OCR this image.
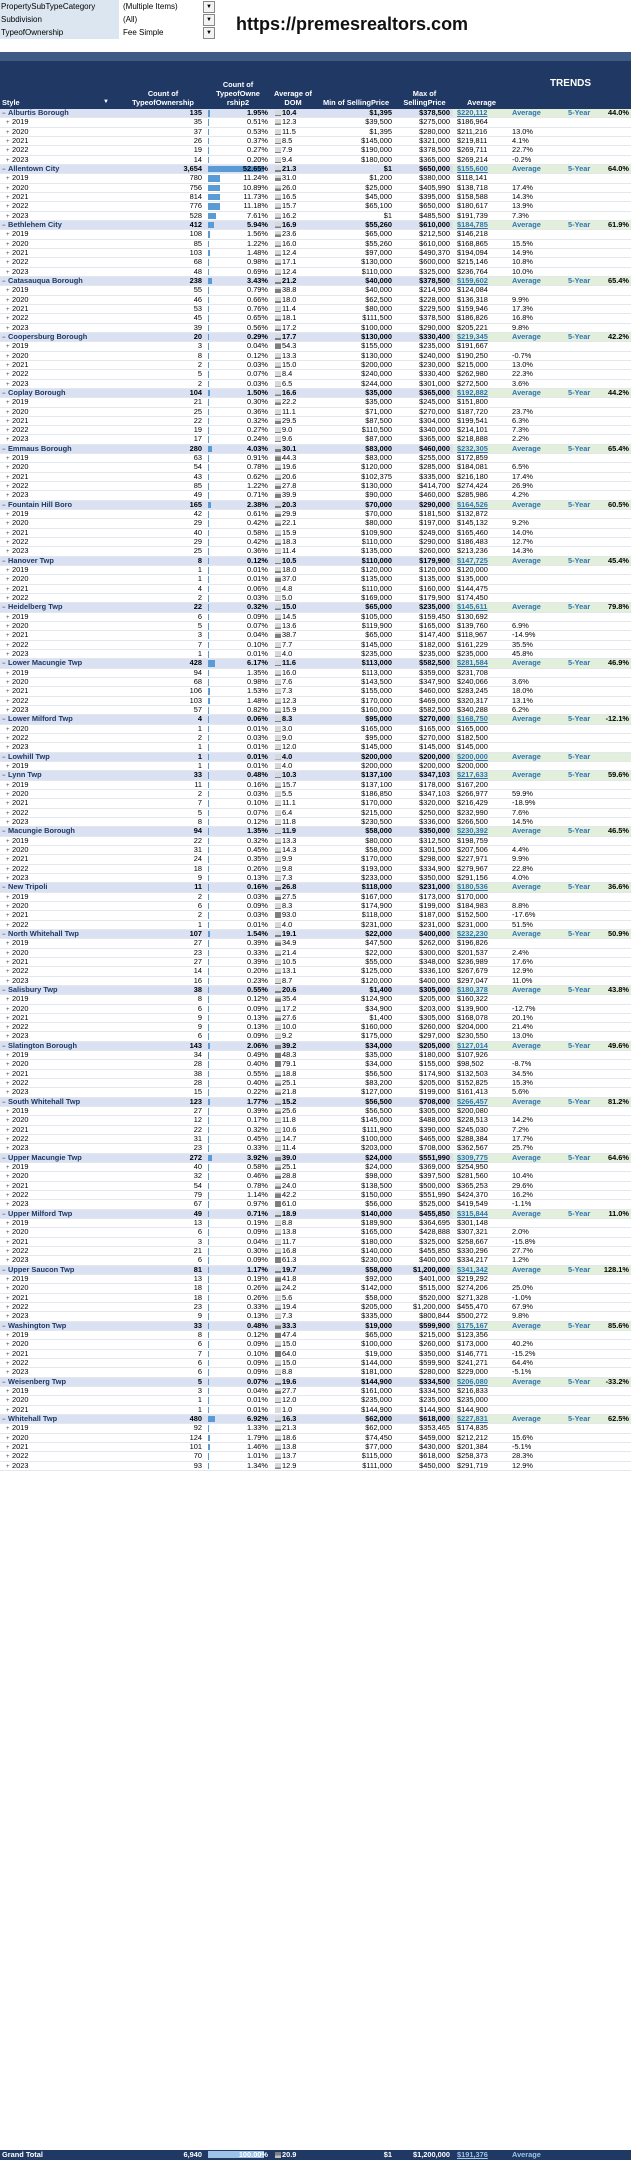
PropertySubTypeCategory	(Multiple Items)	▼
Subdivision	(All)	▼
TypeofOwnership	Fee Simple	▼ https://premesrealtors.com
Style	▼
Count of TypeofOwnership
Count of TypeofOwne rship2
Average of DOM	Min of SellingPrice
Max of SellingPrice	Average
TRENDS
− Alburtis Borough	135	1.95%	10.4	$1,395	$378,500 $220,112	Average	5-Year 44.0%
+ 2019	35	0.51%	12.3	$39,500	$275,000 $186,964
+ 2020	37	0.53%	11.5	$1,395	$280,000 $211,216	13.0%
+ 2021	26	0.37%	8.5	$145,000	$321,000 $219,811	4.1%
+ 2022	19	0.27%	7.9	$190,000	$378,500 $269,711	22.7%
+ 2023	14	0.20%	9.4	$180,000	$365,000 $269,214	-0.2%
− Allentown City	3,654	52.65%	21.3	$1	$650,000 $155,600	Average	5-Year 64.0%
+ 2019	780	11.24%	31.0	$1,200	$380,000 $118,141
+ 2020	756	10.89%	26.0	$25,000	$405,990 $138,718	17.4%
+ 2021	814	11.73%	16.5	$45,000	$395,000 $158,588	14.3%
+ 2022	776	11.18%	15.7	$65,100	$650,000 $180,617	13.9%
+ 2023	528	7.61%	16.2	$1	$485,500 $191,739	7.3%
− Bethlehem City	412	5.94%	16.9	$55,260	$610,000 $184,785	Average	5-Year 61.9%
+ 2019	108	1.56%	23.6	$65,000	$212,500 $146,218
+ 2020	85	1.22%	16.0	$55,260	$610,000 $168,865	15.5%
+ 2021	103	1.48%	12.4	$97,000	$490,370 $194,094	14.9%
+ 2022	68	0.98%	17.1	$130,000	$600,000 $215,146	10.8%
+ 2023	48	0.69%	12.4	$110,000	$325,000 $236,764	10.0%
− Catasauqua Borough	238	3.43%	21.2	$40,000	$378,500 $159,602	Average	5-Year 65.4%
+ 2019	55	0.79%	38.8	$40,000	$214,900 $124,084
+ 2020	46	0.66%	18.0	$62,500	$228,000 $136,318	9.9%
+ 2021	53	0.76%	11.4	$80,000	$229,500 $159,946	17.3%
+ 2022	45	0.65%	18.1	$111,500	$378,500 $186,826	16.8%
+ 2023	39	0.56%	17.2	$100,000	$290,000 $205,221	9.8%
− Coopersburg Borough	20	0.29%	17.7	$130,000	$330,400 $219,345	Average	5-Year 42.2%
+ 2019	3	0.04%	54.3	$155,000	$235,000 $191,667
+ 2020	8	0.12%	13.3	$130,000	$240,000 $190,250	-0.7%
+ 2021	2	0.03%	15.0	$200,000	$230,000 $215,000	13.0%
+ 2022	5	0.07%	8.4	$240,000	$330,400 $262,980	22.3%
+ 2023	2	0.03%	6.5	$244,000	$301,000 $272,500	3.6%
− Coplay Borough	104	1.50%	16.6	$35,000	$365,000 $192,882	Average	5-Year 44.2%
+ 2019	21	0.30%	22.2	$35,000	$245,000 $151,800
+ 2020	25	0.36%	11.1	$71,000	$270,000 $187,720	23.7%
+ 2021	22	0.32%	29.5	$87,500	$304,000 $199,541	6.3%
+ 2022	19	0.27%	9.0	$110,500	$340,000 $214,101	7.3%
+ 2023	17	0.24%	9.6	$87,000	$365,000 $218,888	2.2%
− Emmaus Borough	280	4.03%	30.1	$83,000	$460,000 $232,305	Average	5-Year 65.4%
+ 2019	63	0.91%	44.3	$83,000	$255,000 $172,859
+ 2020	54	0.78%	19.6	$120,000	$285,000 $184,081	6.5%
+ 2021	43	0.62%	20.6	$102,375	$335,000 $216,180	17.4%
+ 2022	85	1.22%	27.8	$130,000	$414,700 $274,424	26.9%
+ 2023	49	0.71%	39.9	$90,000	$460,000 $285,986	4.2%
− Fountain Hill Boro	165	2.38%	20.3	$70,000	$290,000 $164,526	Average	5-Year 60.5%
+ 2019	42	0.61%	29.9	$70,000	$181,500 $132,872
+ 2020	29	0.42%	22.1	$80,000	$197,000 $145,132	9.2%
+ 2021	40	0.58%	15.9	$109,900	$249,000 $165,460	14.0%
+ 2022	29	0.42%	18.3	$110,000	$290,000 $186,483	12.7%
+ 2023	25	0.36%	11.4	$135,000	$260,000 $213,236	14.3%
− Hanover Twp	8	0.12%	10.5	$110,000	$179,900 $147,725	Average	5-Year 45.4%
+ 2019	1	0.01%	18.0	$120,000	$120,000 $120,000
+ 2020	1	0.01%	37.0	$135,000	$135,000 $135,000
+ 2021	4	0.06%	4.8	$110,000	$160,000 $144,475
+ 2022	2	0.03%	5.0	$169,000	$179,900 $174,450
− Heidelberg Twp	22	0.32%	15.0	$65,000	$235,000 $145,611	Average	5-Year 79.8%
+ 2019	6	0.09%	14.5	$105,000	$159,450 $130,692
+ 2020	5	0.07%	13.6	$119,900	$165,000 $139,760	6.9%
+ 2021	3	0.04%	38.7	$65,000	$147,400 $118,967	-14.9%
+ 2022	7	0.10%	7.7	$145,000	$182,000 $161,229	35.5%
+ 2023	1	0.01%	4.0	$235,000	$235,000 $235,000	45.8%
− Lower Macungie Twp	428	6.17%	11.6	$113,000	$582,500 $281,584	Average	5-Year 46.9%
+ 2019	94	1.35%	16.0	$113,000	$359,000 $231,708
+ 2020	68	0.98%	7.6	$143,500	$347,900 $240,066	3.6%
+ 2021	106	1.53%	7.3	$155,000	$460,000 $283,245	18.0%
+ 2022	103	1.48%	12.3	$170,000	$469,000 $320,317	13.1%
+ 2023	57	0.82%	15.9	$160,000	$582,500 $340,288	6.2%
− Lower Milford Twp	4	0.06%	8.3	$95,000	$270,000 $168,750	Average	5-Year -12.1%
+ 2020	1	0.01%	3.0	$165,000	$165,000 $165,000
+ 2022	2	0.03%	9.0	$95,000	$270,000 $182,500
+ 2023	1	0.01%	12.0	$145,000	$145,000 $145,000
− Lowhill Twp	1	0.01%	4.0	$200,000	$200,000 $200,000	Average	5-Year
+ 2019	1	0.01%	4.0	$200,000	$200,000 $200,000
− Lynn Twp	33	0.48%	10.3	$137,100	$347,103 $217,633	Average	5-Year 59.6%
+ 2019	11	0.16%	15.7	$137,100	$178,000 $167,200
+ 2020	2	0.03%	5.5	$186,850	$347,103 $266,977	59.9%
+ 2021	7	0.10%	11.1	$170,000	$320,000 $216,429	-18.9%
+ 2022	5	0.07%	6.4	$215,000	$250,000 $232,990	7.6%
+ 2023	8	0.12%	11.8	$230,500	$336,000 $266,500	14.5%
− Macungie Borough	94	1.35%	11.9	$58,000	$350,000 $230,392	Average	5-Year 46.5%
+ 2019	22	0.32%	13.3	$80,000	$312,500 $198,759
+ 2020	31	0.45%	14.3	$58,000	$301,500 $207,506	4.4%
+ 2021	24	0.35%	9.9	$170,000	$298,000 $227,971	9.9%
+ 2022	18	0.26%	9.8	$193,000	$334,900 $279,967	22.8%
+ 2023	9	0.13%	7.3	$233,000	$350,000 $291,156	4.0%
− New Tripoli	11	0.16%	26.8	$118,000	$231,000 $180,536	Average	5-Year 36.6%
+ 2019	2	0.03%	27.5	$167,000	$173,000 $170,000
+ 2020	6	0.09%	8.3	$174,900	$199,000 $184,983	8.8%
+ 2021	2	0.03%	93.0	$118,000	$187,000 $152,500	-17.6%
+ 2022	1	0.01%	4.0	$231,000	$231,000 $231,000	51.5%
− North Whitehall Twp	107	1.54%	19.1	$22,000	$400,000 $232,230	Average	5-Year 50.9%
+ 2019	27	0.39%	34.9	$47,500	$262,000 $196,826
+ 2020	23	0.33%	21.4	$22,000	$300,000 $201,537	2.4%
+ 2021	27	0.39%	10.5	$55,000	$348,000 $236,989	17.6%
+ 2022	14	0.20%	13.1	$125,000	$336,100 $267,679	12.9%
+ 2023	16	0.23%	8.7	$120,000	$400,000 $297,047	11.0%
− Salisbury Twp	38	0.55%	20.6	$1,400	$305,000 $180,378	Average	5-Year 43.8%
+ 2019	8	0.12%	35.4	$124,900	$205,000 $160,322
+ 2020	6	0.09%	17.2	$34,900	$203,000 $139,900	-12.7%
+ 2021	9	0.13%	27.6	$1,400	$305,000 $168,078	20.1%
+ 2022	9	0.13%	10.0	$160,000	$260,000 $204,000	21.4%
+ 2023	6	0.09%	9.2	$175,000	$297,000 $230,550	13.0%
− Slatington Borough	143	2.06%	39.2	$34,000	$205,000 $127,014	Average	5-Year 49.6%
+ 2019	34	0.49%	48.3	$35,000	$180,000 $107,926
+ 2020	28	0.40%	79.1	$34,000	$155,000 $98,502	-8.7%
+ 2021	38	0.55%	18.8	$56,500	$174,900 $132,503	34.5%
+ 2022	28	0.40%	25.1	$83,200	$205,000 $152,825	15.3%
+ 2023	15	0.22%	21.8	$127,000	$199,000 $161,413	5.6%
− South Whitehall Twp	123	1.77%	15.2	$56,500	$708,000 $266,457	Average	5-Year 81.2%
+ 2019	27	0.39%	25.6	$56,500	$305,000 $200,080
+ 2020	12	0.17%	11.8	$145,000	$488,000 $228,513	14.2%
+ 2021	22	0.32%	10.6	$111,900	$390,000 $245,030	7.2%
+ 2022	31	0.45%	14.7	$100,000	$465,000 $288,384	17.7%
+ 2023	23	0.33%	11.4	$203,000	$708,000 $362,567	25.7%
− Upper Macungie Twp	272	3.92%	39.0	$24,000	$551,990 $309,775	Average	5-Year 64.6%
+ 2019	40	0.58%	25.1	$24,000	$369,000 $254,950
+ 2020	32	0.46%	28.8	$98,000	$397,500 $281,560	10.4%
+ 2021	54	0.78%	24.0	$138,500	$500,000 $365,253	29.6%
+ 2022	79	1.14%	42.2	$150,000	$551,990 $424,370	16.2%
+ 2023	67	0.97%	61.0	$56,000	$525,000 $419,549	-1.1%
− Upper Milford Twp	49	0.71%	18.9	$140,000	$455,850 $315,844	Average	5-Year 11.0%
+ 2019	13	0.19%	8.8	$189,900	$364,695 $301,148
+ 2020	6	0.09%	13.8	$165,000	$428,888 $307,321	2.0%
+ 2021	3	0.04%	11.7	$180,000	$325,000 $258,667	-15.8%
+ 2022	21	0.30%	16.8	$140,000	$455,850 $330,296	27.7%
+ 2023	6	0.09%	61.3	$230,000	$400,000 $334,217	1.2%
− Upper Saucon Twp	81	1.17%	19.7	$58,000	$1,200,000 $341,342	Average	5-Year 128.1%
+ 2019	13	0.19%	41.8	$92,000	$401,000 $219,292
+ 2020	18	0.26%	24.2	$142,000	$515,000 $274,206	25.0%
+ 2021	18	0.26%	5.6	$58,000	$520,000 $271,328	-1.0%
+ 2022	23	0.33%	19.4	$205,000	$1,200,000 $455,470	67.9%
+ 2023	9	0.13%	7.3	$335,000	$800,844 $500,272	9.8%
− Washington Twp	33	0.48%	33.3	$19,000	$599,900 $175,167	Average	5-Year 85.6%
+ 2019	8	0.12%	47.4	$65,000	$215,000 $123,356
+ 2020	6	0.09%	15.0	$100,000	$260,000 $173,000	40.2%
+ 2021	7	0.10%	64.0	$19,000	$350,000 $146,771	-15.2%
+ 2022	6	0.09%	15.0	$144,000	$599,900 $241,271	64.4%
+ 2023	6	0.09%	8.8	$181,000	$280,000 $229,000	-5.1%
− Weisenberg Twp	5	0.07%	19.6	$144,900	$334,500 $206,080	Average	5-Year -33.2%
+ 2019	3	0.04%	27.7	$161,000	$334,500 $216,833
+ 2020	1	0.01%	12.0	$235,000	$235,000 $235,000
+ 2021	1	0.01%	1.0	$144,900	$144,900 $144,900
− Whitehall Twp	480	6.92%	16.3	$62,000	$618,000 $227,831	Average	5-Year 62.5%
+ 2019	92	1.33%	21.3	$62,000	$353,465 $174,835
+ 2020	124	1.79%	18.6	$74,450	$459,000 $212,212	15.6%
+ 2021	101	1.46%	13.8	$77,000	$430,000 $201,384	-5.1%
+ 2022	70	1.01%	13.7	$115,000	$618,000 $258,373	28.3%
+ 2023	93	1.34%	12.9	$111,000	$450,000 $291,719	12.9%
Grand Total	6,940	100.00%	20.9	$1	$1,200,000 $191,376	Average
